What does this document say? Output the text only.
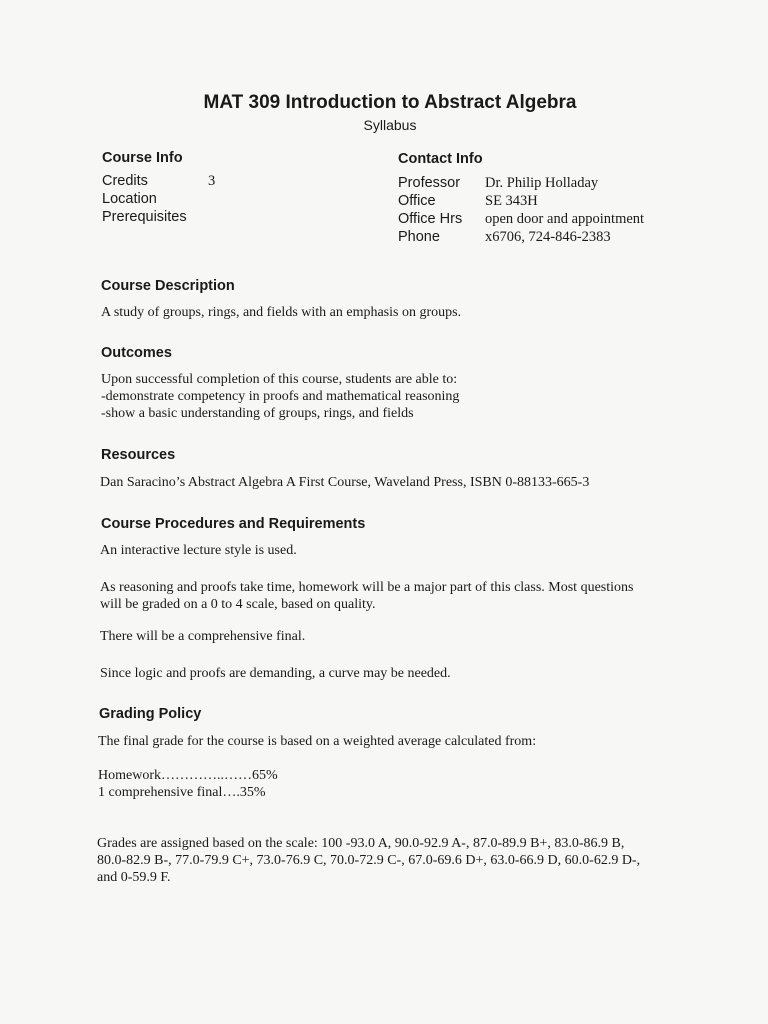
MAT 309 Introduction to Abstract Algebra
Syllabus
Course Info
Credits
Location
Prerequisites
3

Contact Info
Professor
Office
Office Hrs
Phone
Dr. Philip Holladay
SE 343H
open door and appointment
x6706, 724-846-2383
Course Description
A study of groups, rings, and fields with an emphasis on groups.
Outcomes

Upon successful completion of this course, students are able to:

-demonstrate competency in proofs and mathematical reasoning

-show a basic understanding of groups, rings, and fields

Resources
Dan Saracino’s Abstract Algebra A First Course, Waveland Press, ISBN 0-88133-665-3
Course Procedures and Requirements
An interactive lecture style is used.

As reasoning and proofs take time, homework will be a major part of this class. Most questions

will be graded on a 0 to 4 scale, based on quality.

There will be a comprehensive final.
Since logic and proofs are demanding, a curve may be needed.
Grading Policy
The final grade for the course is based on a weighted average calculated from:

Homework…………..……65%

1 comprehensive final….35%

Grades are assigned based on the scale: 100 -93.0 A, 90.0-92.9 A-, 87.0-89.9 B+, 83.0-86.9 B,

80.0-82.9 B-, 77.0-79.9 C+, 73.0-76.9 C, 70.0-72.9 C-, 67.0-69.6 D+, 63.0-66.9 D, 60.0-62.9 D-,

and 0-59.9 F.
